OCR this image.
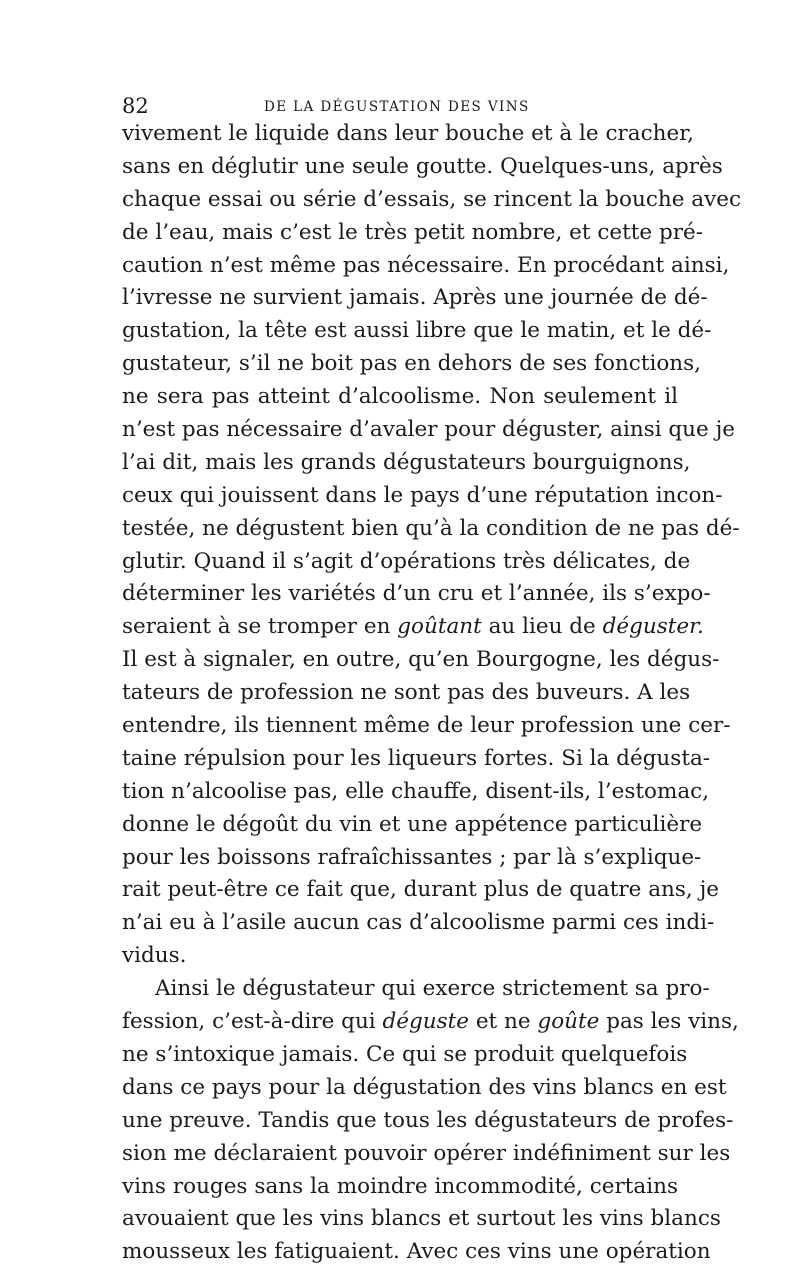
82	DE LA DÉGUSTATION DES VINS
vivement le liquide dans leur bouche et à le cracher,
sans en déglutir une seule goutte. Quelques-uns, après
chaque essai ou série d’essais, se rincent la bouche avec
de l’eau, mais c’est le très petit nombre, et cette pré-
caution n’est même pas nécessaire. En procédant ainsi,
l’ivresse ne survient jamais. Après une journée de dé-
gustation, la tête est aussi libre que le matin, et le dé-
gustateur, s’il ne boit pas en dehors de ses fonctions,
ne sera pas atteint d’alcoolisme. Non seulement il
n’est pas nécessaire d’avaler pour déguster, ainsi que je
l’ai dit, mais les grands dégustateurs bourguignons,
ceux qui jouissent dans le pays d’une réputation incon-
testée, ne dégustent bien qu’à la condition de ne pas dé-
glutir. Quand il s’agit d’opérations très délicates, de
déterminer les variétés d’un cru et l’année, ils s’expo-
seraient à se tromper en goûtant au lieu de déguster.
Il est à signaler, en outre, qu’en Bourgogne, les dégus-
tateurs de profession ne sont pas des buveurs. A les
entendre, ils tiennent même de leur profession une cer-
taine répulsion pour les liqueurs fortes. Si la dégusta-
tion n’alcoolise pas, elle chauffe, disent-ils, l’estomac,
donne le dégoût du vin et une appétence particulière
pour les boissons rafraîchissantes ; par là s’explique-
rait peut-être ce fait que, durant plus de quatre ans, je
n’ai eu à l’asile aucun cas d’alcoolisme parmi ces indi-
vidus.
Ainsi le dégustateur qui exerce strictement sa pro-
fession, c’est-à-dire qui déguste et ne goûte pas les vins,
ne s’intoxique jamais. Ce qui se produit quelquefois
dans ce pays pour la dégustation des vins blancs en est
une preuve. Tandis que tous les dégustateurs de profes-
sion me déclaraient pouvoir opérer indéfiniment sur les
vins rouges sans la moindre incommodité, certains
avouaient que les vins blancs et surtout les vins blancs
mousseux les fatiguaient. Avec ces vins une opération
